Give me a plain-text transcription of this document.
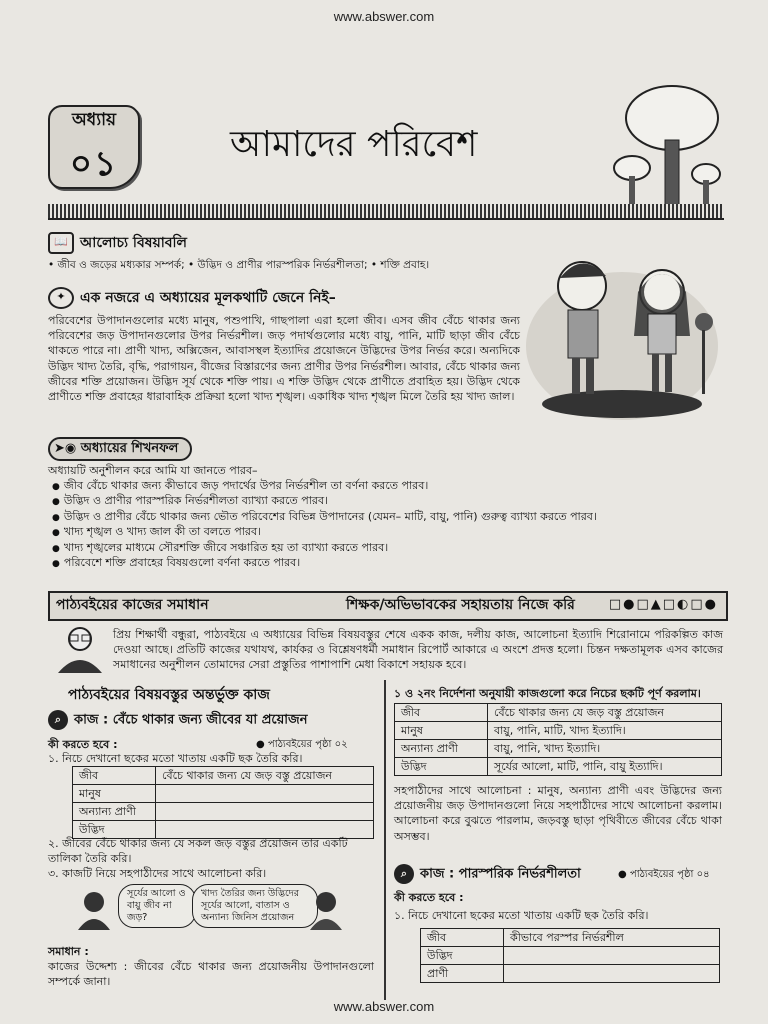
www.abswer.com
অধ্যায়
০১	আমাদের পরিবেশ
📖 আলোচ্য বিষয়াবলি
• জীব ও জড়ের মধ্যকার সম্পর্ক; • উদ্ভিদ ও প্রাণীর পারস্পরিক নির্ভরশীলতা; • শক্তি প্রবাহ।
✦ এক নজরে এ অধ্যায়ের মূলকথাটি জেনে নিই–
পরিবেশের উপাদানগুলোর মধ্যে মানুষ, পশুপাখি, গাছপালা এরা হলো জীব। এসব জীব বেঁচে থাকার জন্য পরিবেশের জড় উপাদানগুলোর উপর নির্ভরশীল। জড় পদার্থগুলোর মধ্যে বায়ু, পানি, মাটি ছাড়া জীব বেঁচে থাকতে পারে না। প্রাণী খাদ্য, অক্সিজেন, আবাসস্থল ইত্যাদির প্রয়োজনে উদ্ভিদের উপর নির্ভর করে। অন্যদিকে উদ্ভিদ খাদ্য তৈরি, বৃদ্ধি, পরাগায়ন, বীজের বিস্তারণের জন্য প্রাণীর উপর নির্ভরশীল। আবার, বেঁচে থাকার জন্য জীবের শক্তি প্রয়োজন। উদ্ভিদ সূর্য থেকে শক্তি পায়। এ শক্তি উদ্ভিদ থেকে প্রাণীতে প্রবাহিত হয়। উদ্ভিদ থেকে প্রাণীতে শক্তি প্রবাহের ধারাবাহিক প্রক্রিয়া হলো খাদ্য শৃঙ্খল। একাধিক খাদ্য শৃঙ্খল মিলে তৈরি হয় খাদ্য জাল।
➤◉ অধ্যায়ের শিখনফল
অধ্যায়টি অনুশীলন করে আমি যা জানতে পারব–
● জীব বেঁচে থাকার জন্য কীভাবে জড় পদার্থের উপর নির্ভরশীল তা বর্ণনা করতে পারব।
● উদ্ভিদ ও প্রাণীর পারস্পরিক নির্ভরশীলতা ব্যাখ্যা করতে পারব।
● উদ্ভিদ ও প্রাণীর বেঁচে থাকার জন্য ভৌত পরিবেশের বিভিন্ন উপাদানের (যেমন– মাটি, বায়ু, পানি) গুরুত্ব ব্যাখ্যা করতে পারব।
● খাদ্য শৃঙ্খল ও খাদ্য জাল কী তা বলতে পারব।
● খাদ্য শৃঙ্খলের মাধ্যমে সৌরশক্তি জীবে সঞ্চারিত হয় তা ব্যাখ্যা করতে পারব।
● পরিবেশে শক্তি প্রবাহের বিষয়গুলো বর্ণনা করতে পারব।
পাঠ্যবইয়ের কাজের সমাধান	শিক্ষক/অভিভাবকের সহায়তায় নিজে করি	□●□▲□◐□●
প্রিয় শিক্ষার্থী বন্ধুরা, পাঠ্যবইয়ে এ অধ্যায়ের বিভিন্ন বিষয়বস্তুর শেষে একক কাজ, দলীয় কাজ, আলোচনা ইত্যাদি শিরোনামে পরিকল্পিত কাজ দেওয়া আছে। প্রতিটি কাজের যথাযথ, কার্যকর ও বিশ্লেষণধর্মী সমাধান রিপোর্ট আকারে এ অংশে প্রদত্ত হলো। চিন্তন দক্ষতামূলক এসব কাজের সমাধানের অনুশীলন তোমাদের সেরা প্রস্তুতির পাশাপাশি মেধা বিকাশে সহায়ক হবে।
পাঠ্যবইয়ের বিষয়বস্তুর অন্তর্ভুক্ত কাজ
⌕ কাজ : বেঁচে থাকার জন্য জীবের যা প্রয়োজন
কী করতে হবে :	● পাঠ্যবইয়ের পৃষ্ঠা ০২
১. নিচে দেখানো ছকের মতো খাতায় একটি ছক তৈরি করি।
জীব	বেঁচে থাকার জন্য যে জড় বস্তু প্রয়োজন
মানুষ	
অন্যান্য প্রাণী	
উদ্ভিদ	
২. জীবের বেঁচে থাকার জন্য যে সকল জড় বস্তুর প্রয়োজন তার একটি তালিকা তৈরি করি।
৩. কাজটি নিয়ে সহপাঠীদের সাথে আলোচনা করি।
সূর্যের আলো ও বায়ু জীব না জড়?
খাদ্য তৈরির জন্য উদ্ভিদের সূর্যের আলো, বাতাস ও অন্যান্য জিনিস প্রয়োজন
সমাধান :
কাজের উদ্দেশ্য : জীবের বেঁচে থাকার জন্য প্রয়োজনীয় উপাদানগুলো সম্পর্কে জানা।
১ ও ২নং নির্দেশনা অনুযায়ী কাজগুলো করে নিচের ছকটি পূর্ণ করলাম।
জীব	বেঁচে থাকার জন্য যে জড় বস্তু প্রয়োজন
মানুষ	বায়ু, পানি, মাটি, খাদ্য ইত্যাদি।
অন্যান্য প্রাণী	বায়ু, পানি, খাদ্য ইত্যাদি।
উদ্ভিদ	সূর্যের আলো, মাটি, পানি, বায়ু ইত্যাদি।
সহপাঠীদের সাথে আলোচনা : মানুষ, অন্যান্য প্রাণী এবং উদ্ভিদের জন্য প্রয়োজনীয় জড় উপাদানগুলো নিয়ে সহপাঠীদের সাথে আলোচনা করলাম। আলোচনা করে বুঝতে পারলাম, জড়বস্তু ছাড়া পৃথিবীতে জীবের বেঁচে থাকা অসম্ভব।
⌕ কাজ : পারস্পরিক নির্ভরশীলতা	● পাঠ্যবইয়ের পৃষ্ঠা ০৪
কী করতে হবে :
১. নিচে দেখানো ছকের মতো খাতায় একটি ছক তৈরি করি।
জীব	কীভাবে পরস্পর নির্ভরশীল
উদ্ভিদ	
প্রাণী	
www.abswer.com
